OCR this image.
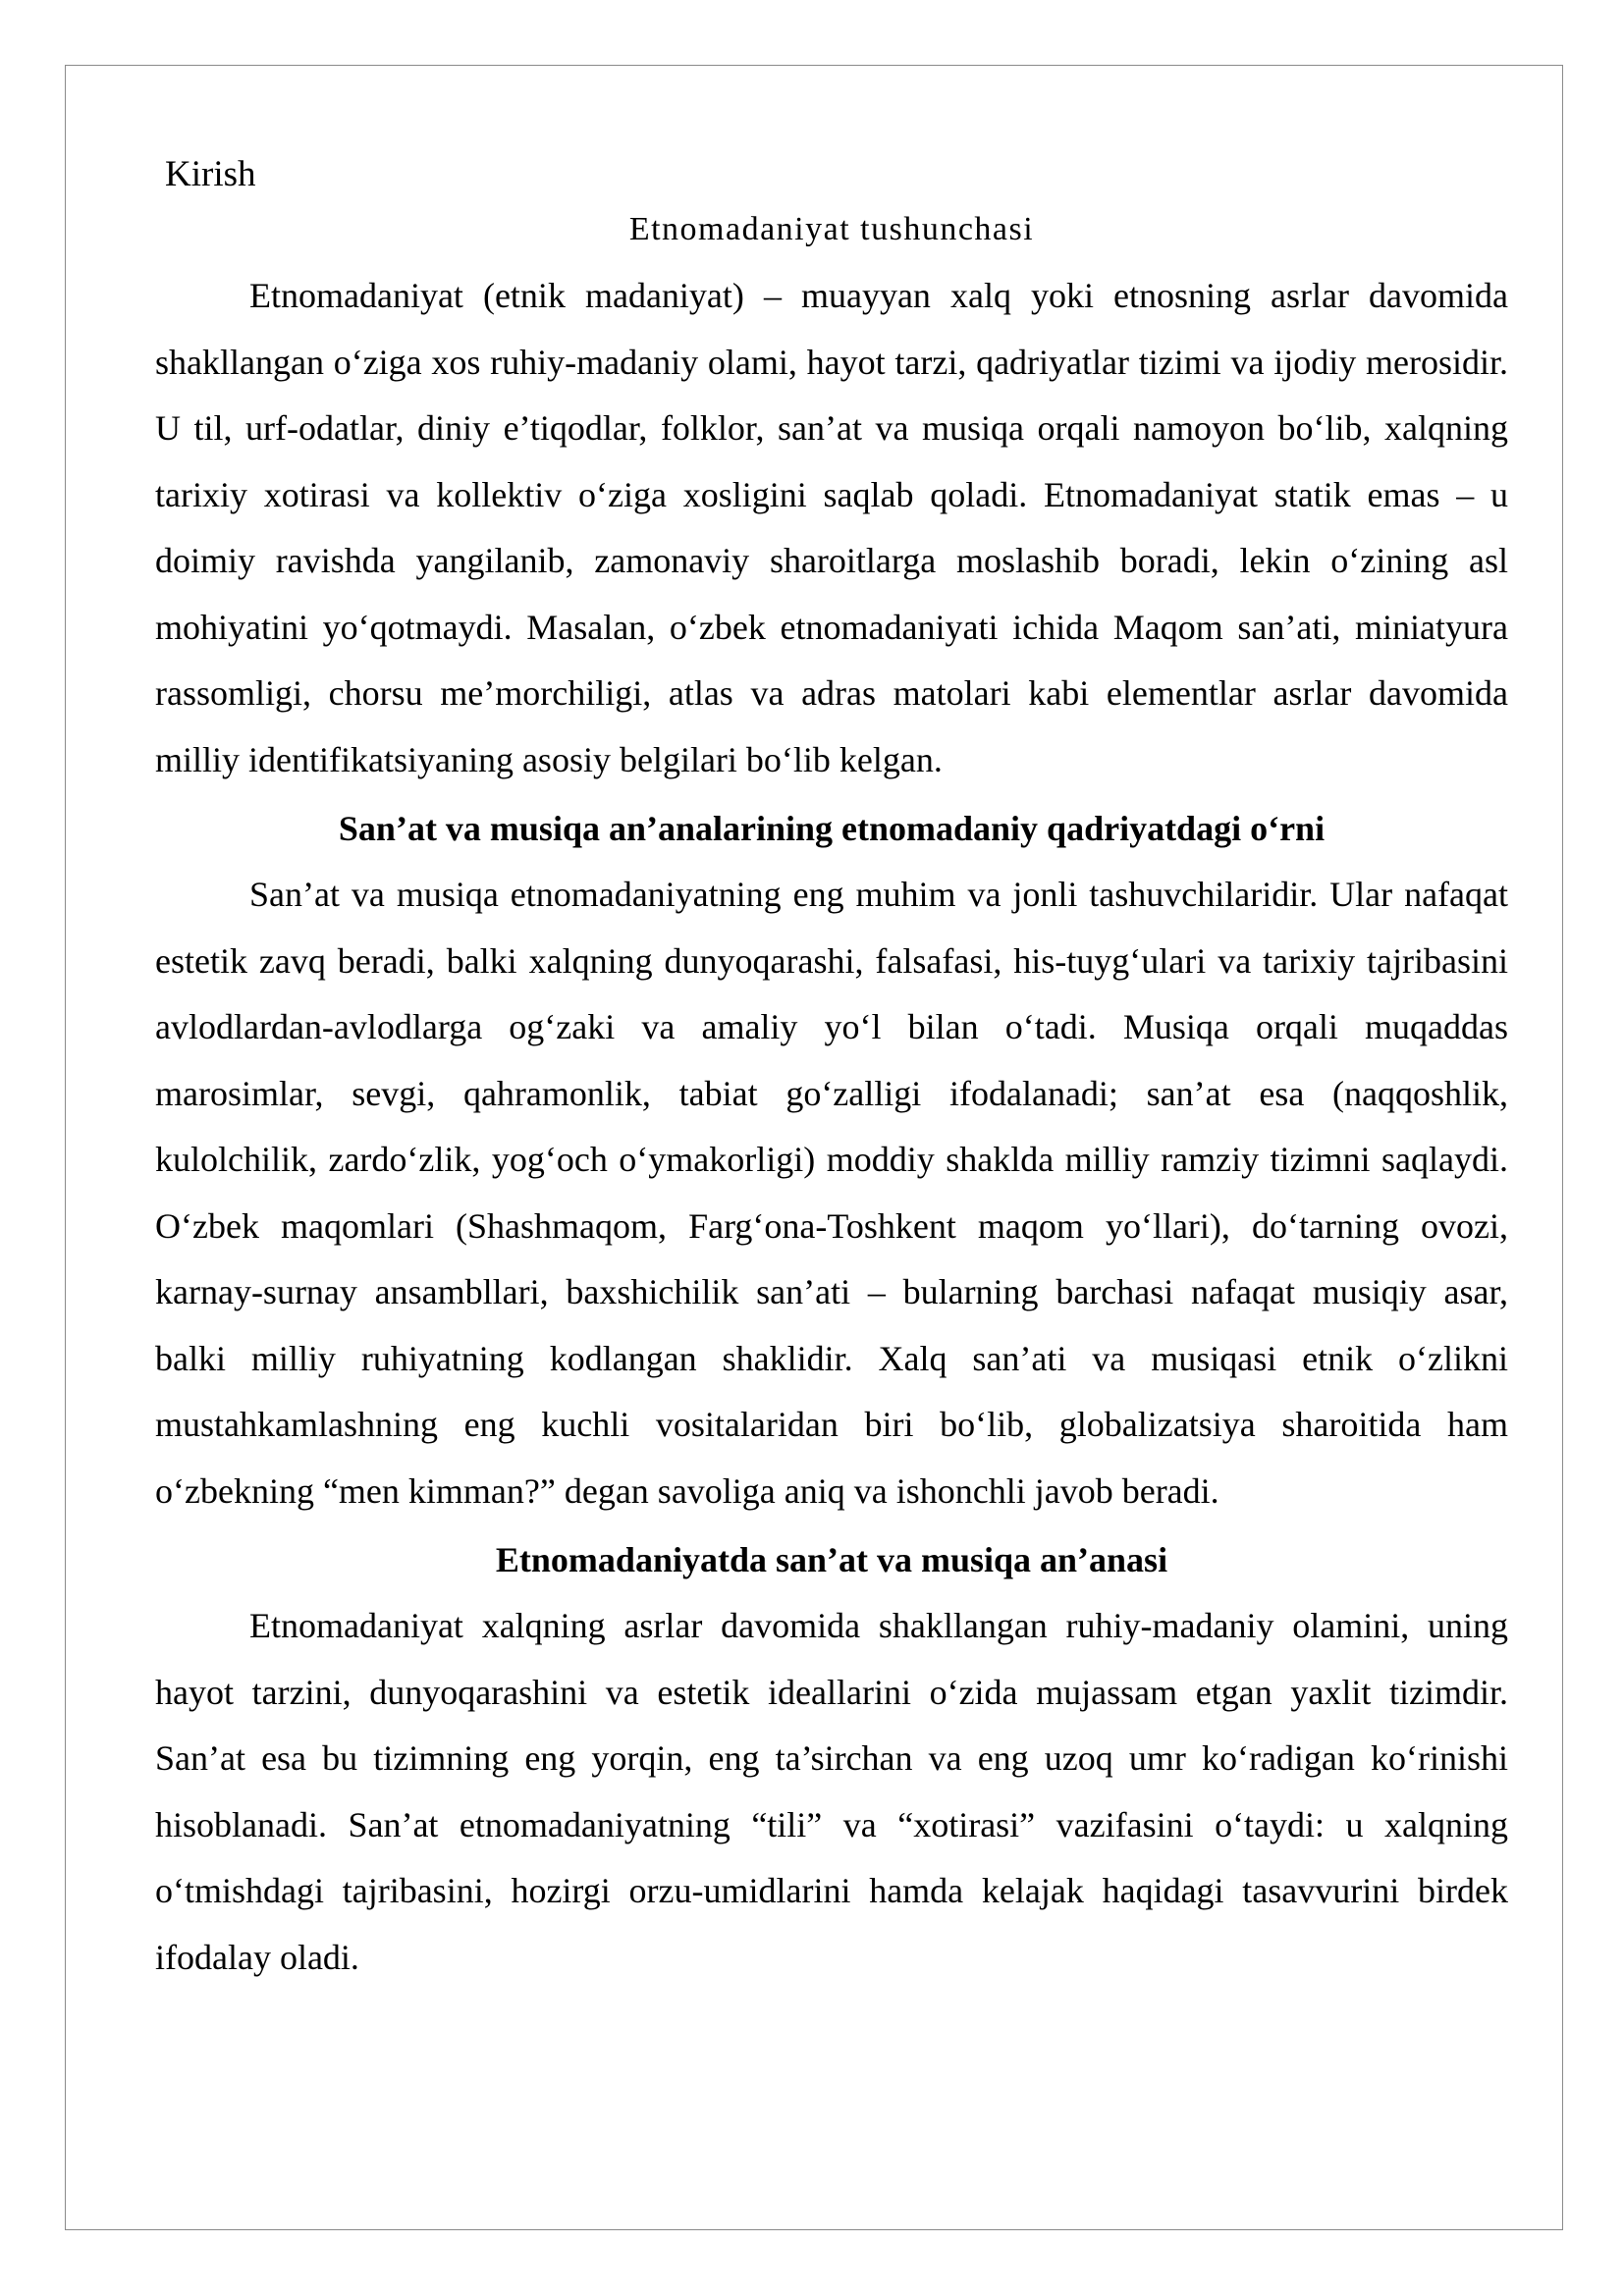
Kirish
Etnomadaniyat tushunchasi

Etnomadaniyat (etnik madaniyat) – muayyan xalq yoki etnosning asrlar davomida shakllangan o‘ziga xos ruhiy-madaniy olami, hayot tarzi, qadriyatlar tizimi va ijodiy merosidir. U til, urf-odatlar, diniy e’tiqodlar, folklor, san’at va musiqa orqali namoyon bo‘lib, xalqning tarixiy xotirasi va kollektiv o‘ziga xosligini saqlab qoladi. Etnomadaniyat statik emas – u doimiy ravishda yangilanib, zamonaviy sharoitlarga moslashib boradi, lekin o‘zining asl mohiyatini yo‘qotmaydi. Masalan, o‘zbek etnomadaniyati ichida Maqom san’ati, miniatyura rassomligi, chorsu me’morchiligi, atlas va adras matolari kabi elementlar asrlar davomida milliy identifikatsiyaning asosiy belgilari bo‘lib kelgan.

San’at va musiqa an’analarining etnomadaniy qadriyatdagi o‘rni

San’at va musiqa etnomadaniyatning eng muhim va jonli tashuvchilaridir. Ular nafaqat estetik zavq beradi, balki xalqning dunyoqarashi, falsafasi, his-tuyg‘ulari va tarixiy tajribasini avlodlardan-avlodlarga og‘zaki va amaliy yo‘l bilan o‘tadi. Musiqa orqali muqaddas marosimlar, sevgi, qahramonlik, tabiat go‘zalligi ifodalanadi; san’at esa (naqqoshlik, kulolchilik, zardo‘zlik, yog‘och o‘ymakorligi) moddiy shaklda milliy ramziy tizimni saqlaydi. O‘zbek maqomlari (Shashmaqom, Farg‘ona-Toshkent maqom yo‘llari), do‘tarning ovozi, karnay-surnay ansambllari, baxshichilik san’ati – bularning barchasi nafaqat musiqiy asar, balki milliy ruhiyatning kodlangan shaklidir. Xalq san’ati va musiqasi etnik o‘zlikni mustahkamlashning eng kuchli vositalaridan biri bo‘lib, globalizatsiya sharoitida ham o‘zbekning “men kimman?” degan savoliga aniq va ishonchli javob beradi.

Etnomadaniyatda san’at va musiqa an’anasi

Etnomadaniyat xalqning asrlar davomida shakllangan ruhiy-madaniy olamini, uning hayot tarzini, dunyoqarashini va estetik ideallarini o‘zida mujassam etgan yaxlit tizimdir. San’at esa bu tizimning eng yorqin, eng ta’sirchan va eng uzoq umr ko‘radigan ko‘rinishi hisoblanadi. San’at etnomadaniyatning “tili” va “xotirasi” vazifasini o‘taydi: u xalqning o‘tmishdagi tajribasini, hozirgi orzu-umidlarini hamda kelajak haqidagi tasavvurini birdek ifodalay oladi.
